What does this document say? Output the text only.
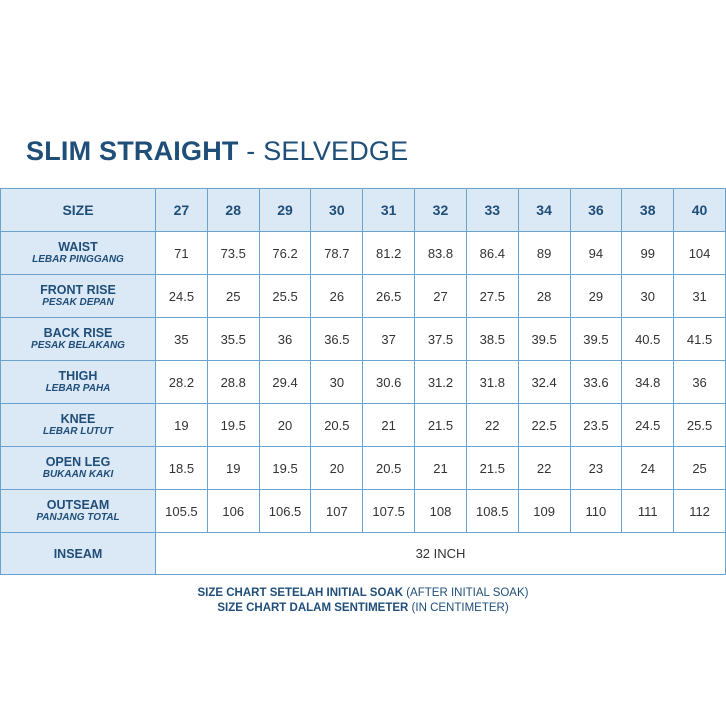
SLIM STRAIGHT - SELVEDGE
SIZE	27	28	29	30	31	32	33	34	36	38	40

WAIST
LEBAR PINGGANG	71	73.5	76.2	78.7	81.2	83.8	86.4	89	94	99	104

FRONT RISE
PESAK DEPAN	24.5	25	25.5	26	26.5	27	27.5	28	29	30	31

BACK RISE
PESAK BELAKANG	35	35.5	36	36.5	37	37.5	38.5	39.5	39.5	40.5	41.5

THIGH
LEBAR PAHA	28.2	28.8	29.4	30	30.6	31.2	31.8	32.4	33.6	34.8	36

KNEE
LEBAR LUTUT	19	19.5	20	20.5	21	21.5	22	22.5	23.5	24.5	25.5

OPEN LEG
BUKAAN KAKI	18.5	19	19.5	20	20.5	21	21.5	22	23	24	25

OUTSEAM
PANJANG TOTAL	105.5	106	106.5	107	107.5	108	108.5	109	110	111	112

INSEAM	32 INCH										
SIZE CHART SETELAH INITIAL SOAK (AFTER INITIAL SOAK)
SIZE CHART DALAM SENTIMETER (IN CENTIMETER)
